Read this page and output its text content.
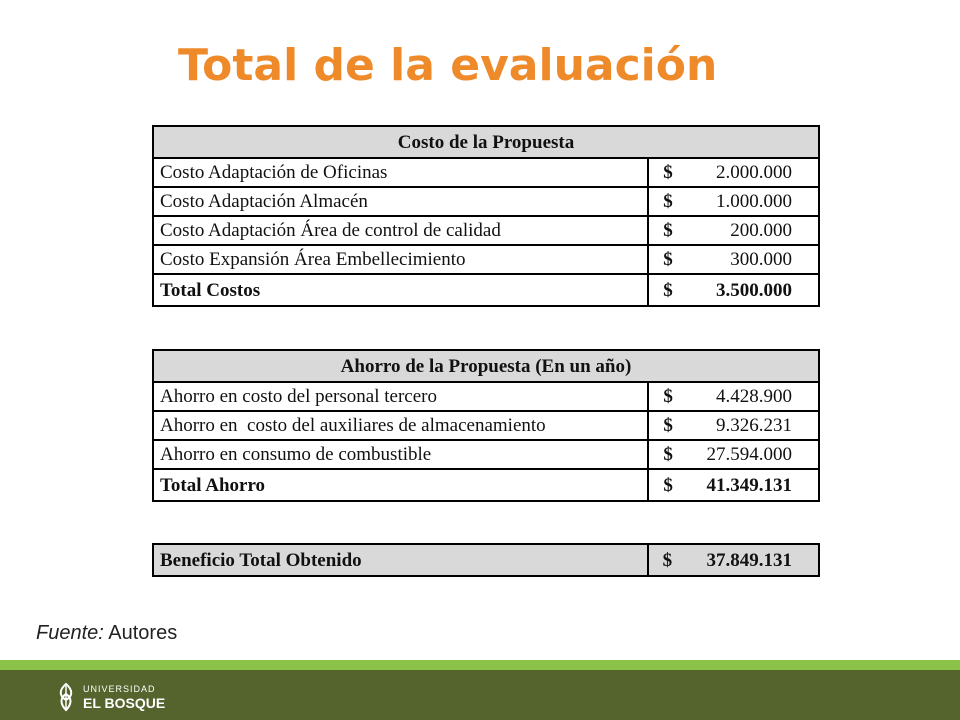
Total de la evaluación
Costo de la Propuesta	
Costo Adaptación de Oficinas	$ 2.000.000

Costo Adaptación Almacén	$ 1.000.000

Costo Adaptación Área de control de calidad	$ 200.000

Costo Expansión Área Embellecimiento	$ 300.000

Total Costos	$ 3.500.000
Ahorro de la Propuesta (En un año)	
Ahorro en costo del personal tercero	$ 4.428.900

Ahorro en  costo del auxiliares de almacenamiento	$ 9.326.231

Ahorro en consumo de combustible	$ 27.594.000

Total Ahorro	$ 41.349.131
Beneficio Total Obtenido	$ 37.849.131
Fuente: Autores
UNIVERSIDAD
EL BOSQUE
